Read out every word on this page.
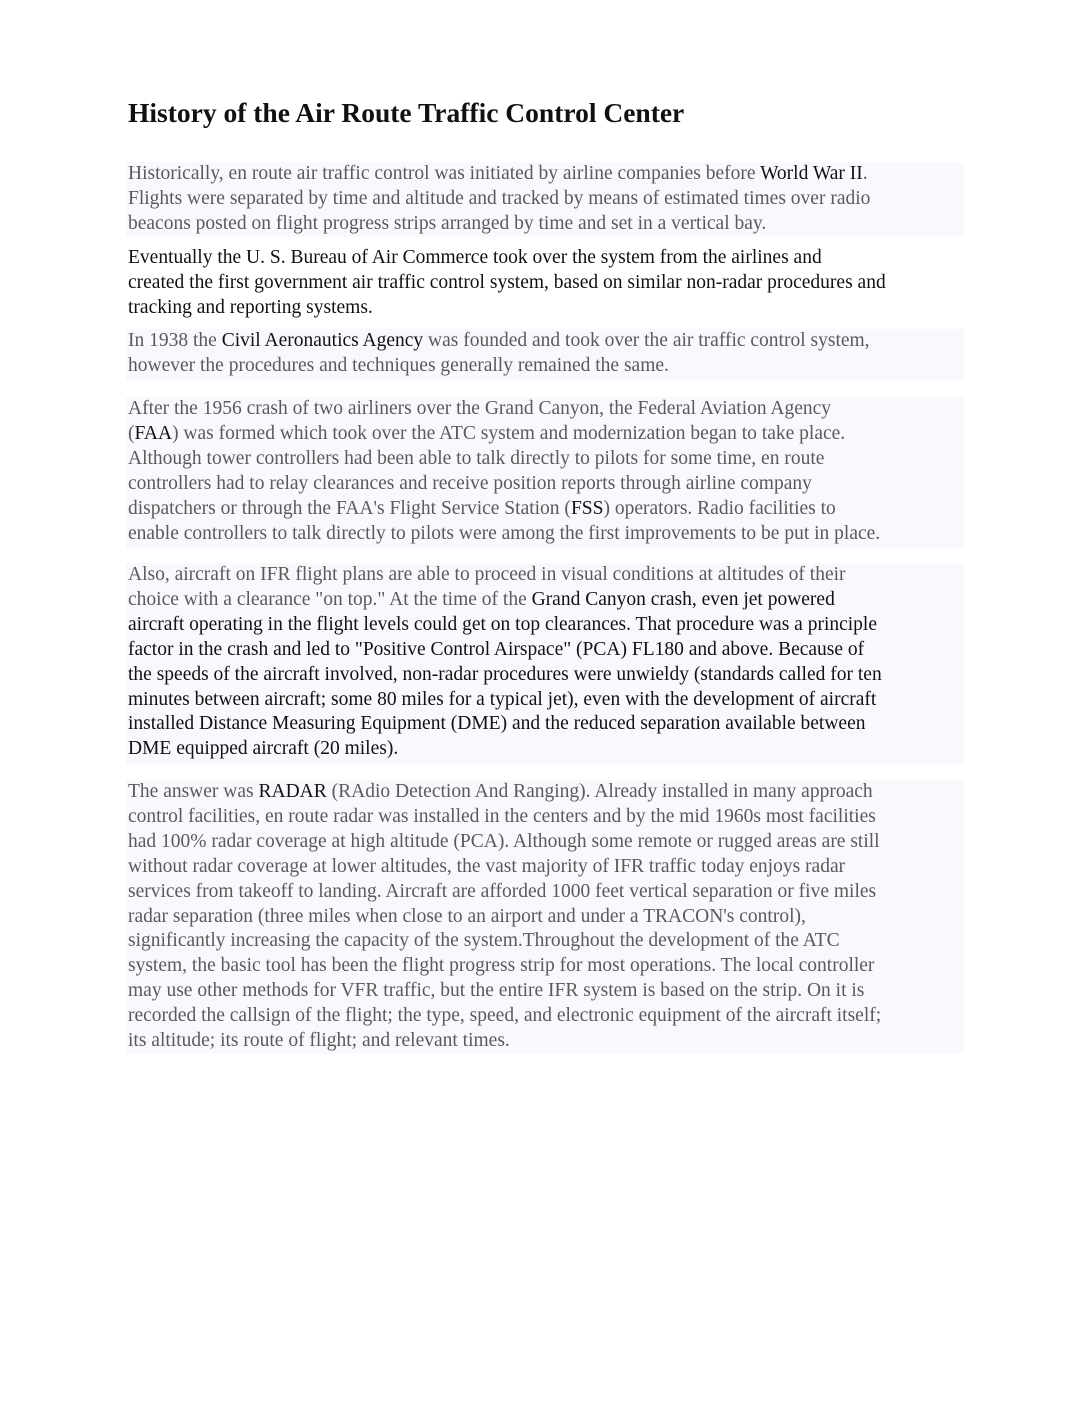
History of the Air Route Traffic Control Center
Historically, en route air traffic control was initiated by airline companies before World War II.
Flights were separated by time and altitude and tracked by means of estimated times over radio
beacons posted on flight progress strips arranged by time and set in a vertical bay.
Eventually the U. S. Bureau of Air Commerce took over the system from the airlines and
created the first government air traffic control system, based on similar non-radar procedures and
tracking and reporting systems.
In 1938 the Civil Aeronautics Agency was founded and took over the air traffic control system,
however the procedures and techniques generally remained the same.
After the 1956 crash of two airliners over the Grand Canyon, the Federal Aviation Agency
(FAA) was formed which took over the ATC system and modernization began to take place.
Although tower controllers had been able to talk directly to pilots for some time, en route
controllers had to relay clearances and receive position reports through airline company
dispatchers or through the FAA's Flight Service Station (FSS) operators. Radio facilities to
enable controllers to talk directly to pilots were among the first improvements to be put in place.
Also, aircraft on IFR flight plans are able to proceed in visual conditions at altitudes of their
choice with a clearance "on top." At the time of the Grand Canyon crash, even jet powered
aircraft operating in the flight levels could get on top clearances. That procedure was a principle
factor in the crash and led to "Positive Control Airspace" (PCA) FL180 and above. Because of
the speeds of the aircraft involved, non-radar procedures were unwieldy (standards called for ten
minutes between aircraft; some 80 miles for a typical jet), even with the development of aircraft
installed Distance Measuring Equipment (DME) and the reduced separation available between
DME equipped aircraft (20 miles).
The answer was RADAR (RAdio Detection And Ranging). Already installed in many approach
control facilities, en route radar was installed in the centers and by the mid 1960s most facilities
had 100% radar coverage at high altitude (PCA). Although some remote or rugged areas are still
without radar coverage at lower altitudes, the vast majority of IFR traffic today enjoys radar
services from takeoff to landing. Aircraft are afforded 1000 feet vertical separation or five miles
radar separation (three miles when close to an airport and under a TRACON's control),
significantly increasing the capacity of the system.Throughout the development of the ATC
system, the basic tool has been the flight progress strip for most operations. The local controller
may use other methods for VFR traffic, but the entire IFR system is based on the strip. On it is
recorded the callsign of the flight; the type, speed, and electronic equipment of the aircraft itself;
its altitude; its route of flight; and relevant times.
